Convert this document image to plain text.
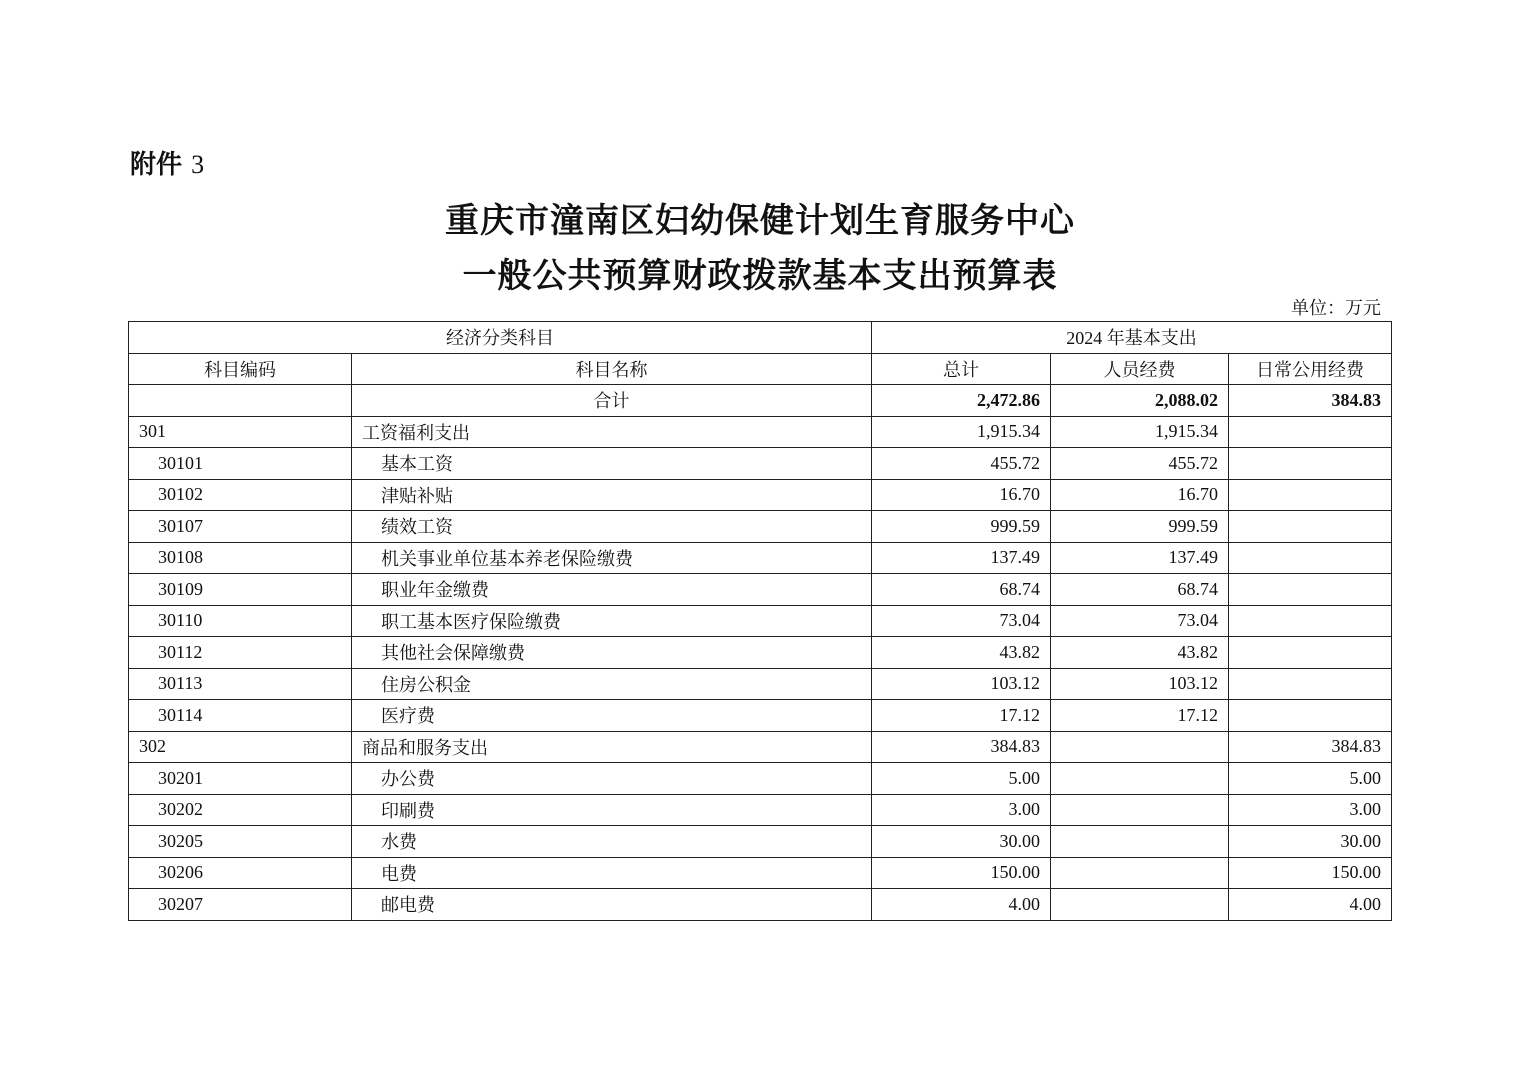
附件 3
重庆市潼南区妇幼保健计划生育服务中心
一般公共预算财政拨款基本支出预算表
单位：万元
经济分类科目		2024 年基本支出		
科目编码	科目名称	总计	人员经费	日常公用经费
	合计	2,472.86	2,088.02	384.83
301	工资福利支出	1,915.34	1,915.34	
30101	基本工资	455.72	455.72	
30102	津贴补贴	16.70	16.70	
30107	绩效工资	999.59	999.59	
30108	机关事业单位基本养老保险缴费	137.49	137.49	
30109	职业年金缴费	68.74	68.74	
30110	职工基本医疗保险缴费	73.04	73.04	
30112	其他社会保障缴费	43.82	43.82	
30113	住房公积金	103.12	103.12	
30114	医疗费	17.12	17.12	
302	商品和服务支出	384.83		384.83
30201	办公费	5.00		5.00
30202	印刷费	3.00		3.00
30205	水费	30.00		30.00
30206	电费	150.00		150.00
30207	邮电费	4.00		4.00
